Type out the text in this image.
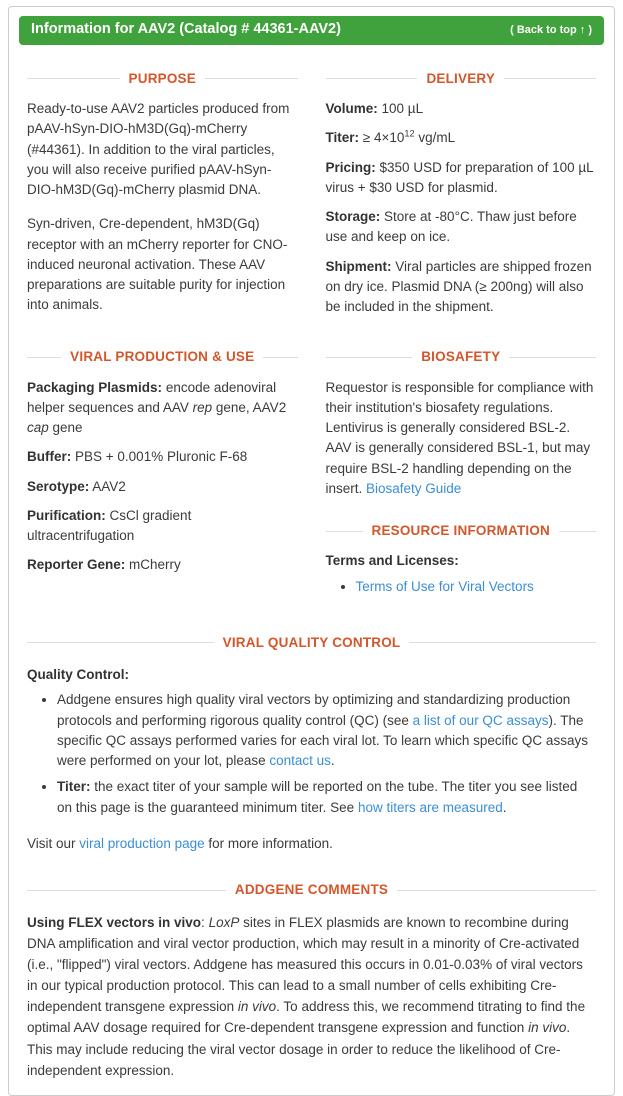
Information for AAV2 (Catalog # 44361-AAV2)	( Back to top ↑ )
PURPOSE

Ready-to-use AAV2 particles produced from pAAV-hSyn-DIO-hM3D(Gq)-mCherry (#44361). In addition to the viral particles, you will also receive purified pAAV-hSyn-DIO-hM3D(Gq)-mCherry plasmid DNA.

Syn-driven, Cre-dependent, hM3D(Gq) receptor with an mCherry reporter for CNO-induced neuronal activation. These AAV preparations are suitable purity for injection into animals.

DELIVERY

Volume: 100 µL

Titer: ≥ $4\times 10^{12}$ vg/mL

Pricing: $350 USD for preparation of 100 µL virus + $30 USD for plasmid.

Storage: Store at -80°C. Thaw just before use and keep on ice.

Shipment: Viral particles are shipped frozen on dry ice. Plasmid DNA (≥ 200ng) will also be included in the shipment.

VIRAL PRODUCTION & USE

Packaging Plasmids: encode adenoviral helper sequences and AAV rep gene, AAV2 cap gene

Buffer: PBS + 0.001% Pluronic F-68

Serotype: AAV2

Purification: CsCl gradient ultracentrifugation

Reporter Gene: mCherry

BIOSAFETY

Requestor is responsible for compliance with their institution's biosafety regulations. Lentivirus is generally considered BSL-2. AAV is generally considered BSL-1, but may require BSL-2 handling depending on the insert. Biosafety Guide

RESOURCE INFORMATION

Terms and Licenses:

• Terms of Use for Viral Vectors
VIRAL QUALITY CONTROL

Quality Control:

• Addgene ensures high quality viral vectors by optimizing and standardizing production protocols and performing rigorous quality control (QC) (see a list of our QC assays). The specific QC assays performed varies for each viral lot. To learn which specific QC assays were performed on your lot, please contact us.
• Titer: the exact titer of your sample will be reported on the tube. The titer you see listed on this page is the guaranteed minimum titer. See how titers are measured.

Visit our viral production page for more information.

ADDGENE COMMENTS

Using FLEX vectors in vivo: LoxP sites in FLEX plasmids are known to recombine during DNA amplification and viral vector production, which may result in a minority of Cre-activated (i.e., "flipped") viral vectors. Addgene has measured this occurs in 0.01-0.03% of viral vectors in our typical production protocol. This can lead to a small number of cells exhibiting Cre-independent transgene expression in vivo. To address this, we recommend titrating to find the optimal AAV dosage required for Cre-dependent transgene expression and function in vivo. This may include reducing the viral vector dosage in order to reduce the likelihood of Cre-independent expression.
